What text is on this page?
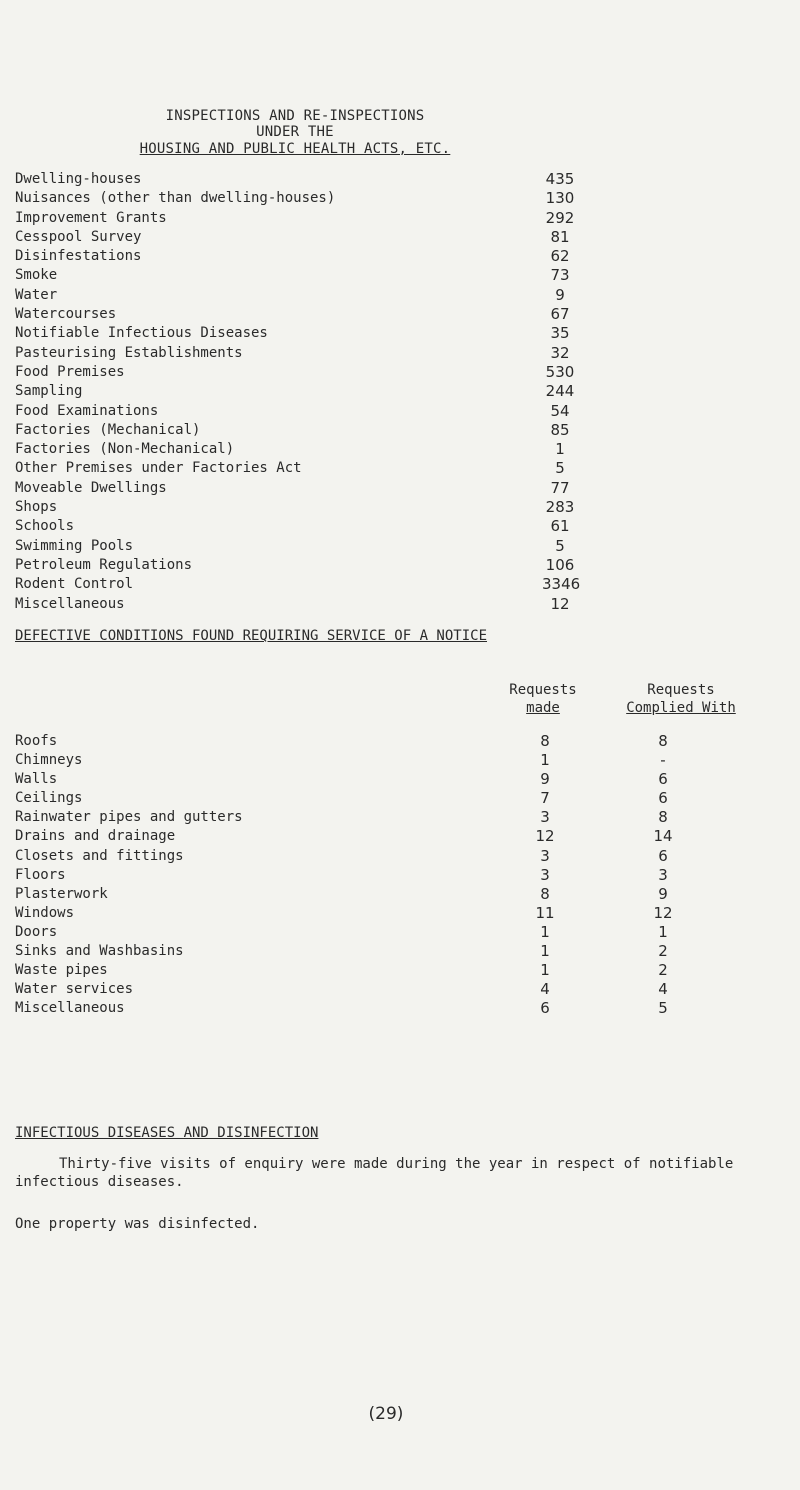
INSPECTIONS AND RE-INSPECTIONS
UNDER THE
HOUSING AND PUBLIC HEALTH ACTS, ETC.
Dwelling-houses	435
Nuisances (other than dwelling-houses)	130
Improvement Grants	292
Cesspool Survey	81
Disinfestations	62
Smoke	73
Water	9
Watercourses	67
Notifiable Infectious Diseases	35
Pasteurising Establishments	32
Food Premises	530
Sampling	244
Food Examinations	54
Factories (Mechanical)	85
Factories (Non-Mechanical)	1
Other Premises under Factories Act	5
Moveable Dwellings	77
Shops	283
Schools	61
Swimming Pools	5
Petroleum Regulations	106
Rodent Control	3346
Miscellaneous	12
DEFECTIVE CONDITIONS FOUND REQUIRING SERVICE OF A NOTICE
Requests
made
Requests
Complied With
Roofs	8	8
Chimneys	1	-
Walls	9	6
Ceilings	7	6
Rainwater pipes and gutters	3	8
Drains and drainage	12	14
Closets and fittings	3	6
Floors	3	3
Plasterwork	8	9
Windows	11	12
Doors	1	1
Sinks and Washbasins	1	2
Waste pipes	1	2
Water services	4	4
Miscellaneous	6	5
INFECTIOUS DISEASES AND DISINFECTION
Thirty-five visits of enquiry were made during the year in respect of notifiable infectious diseases.
One property was disinfected.
(29)
